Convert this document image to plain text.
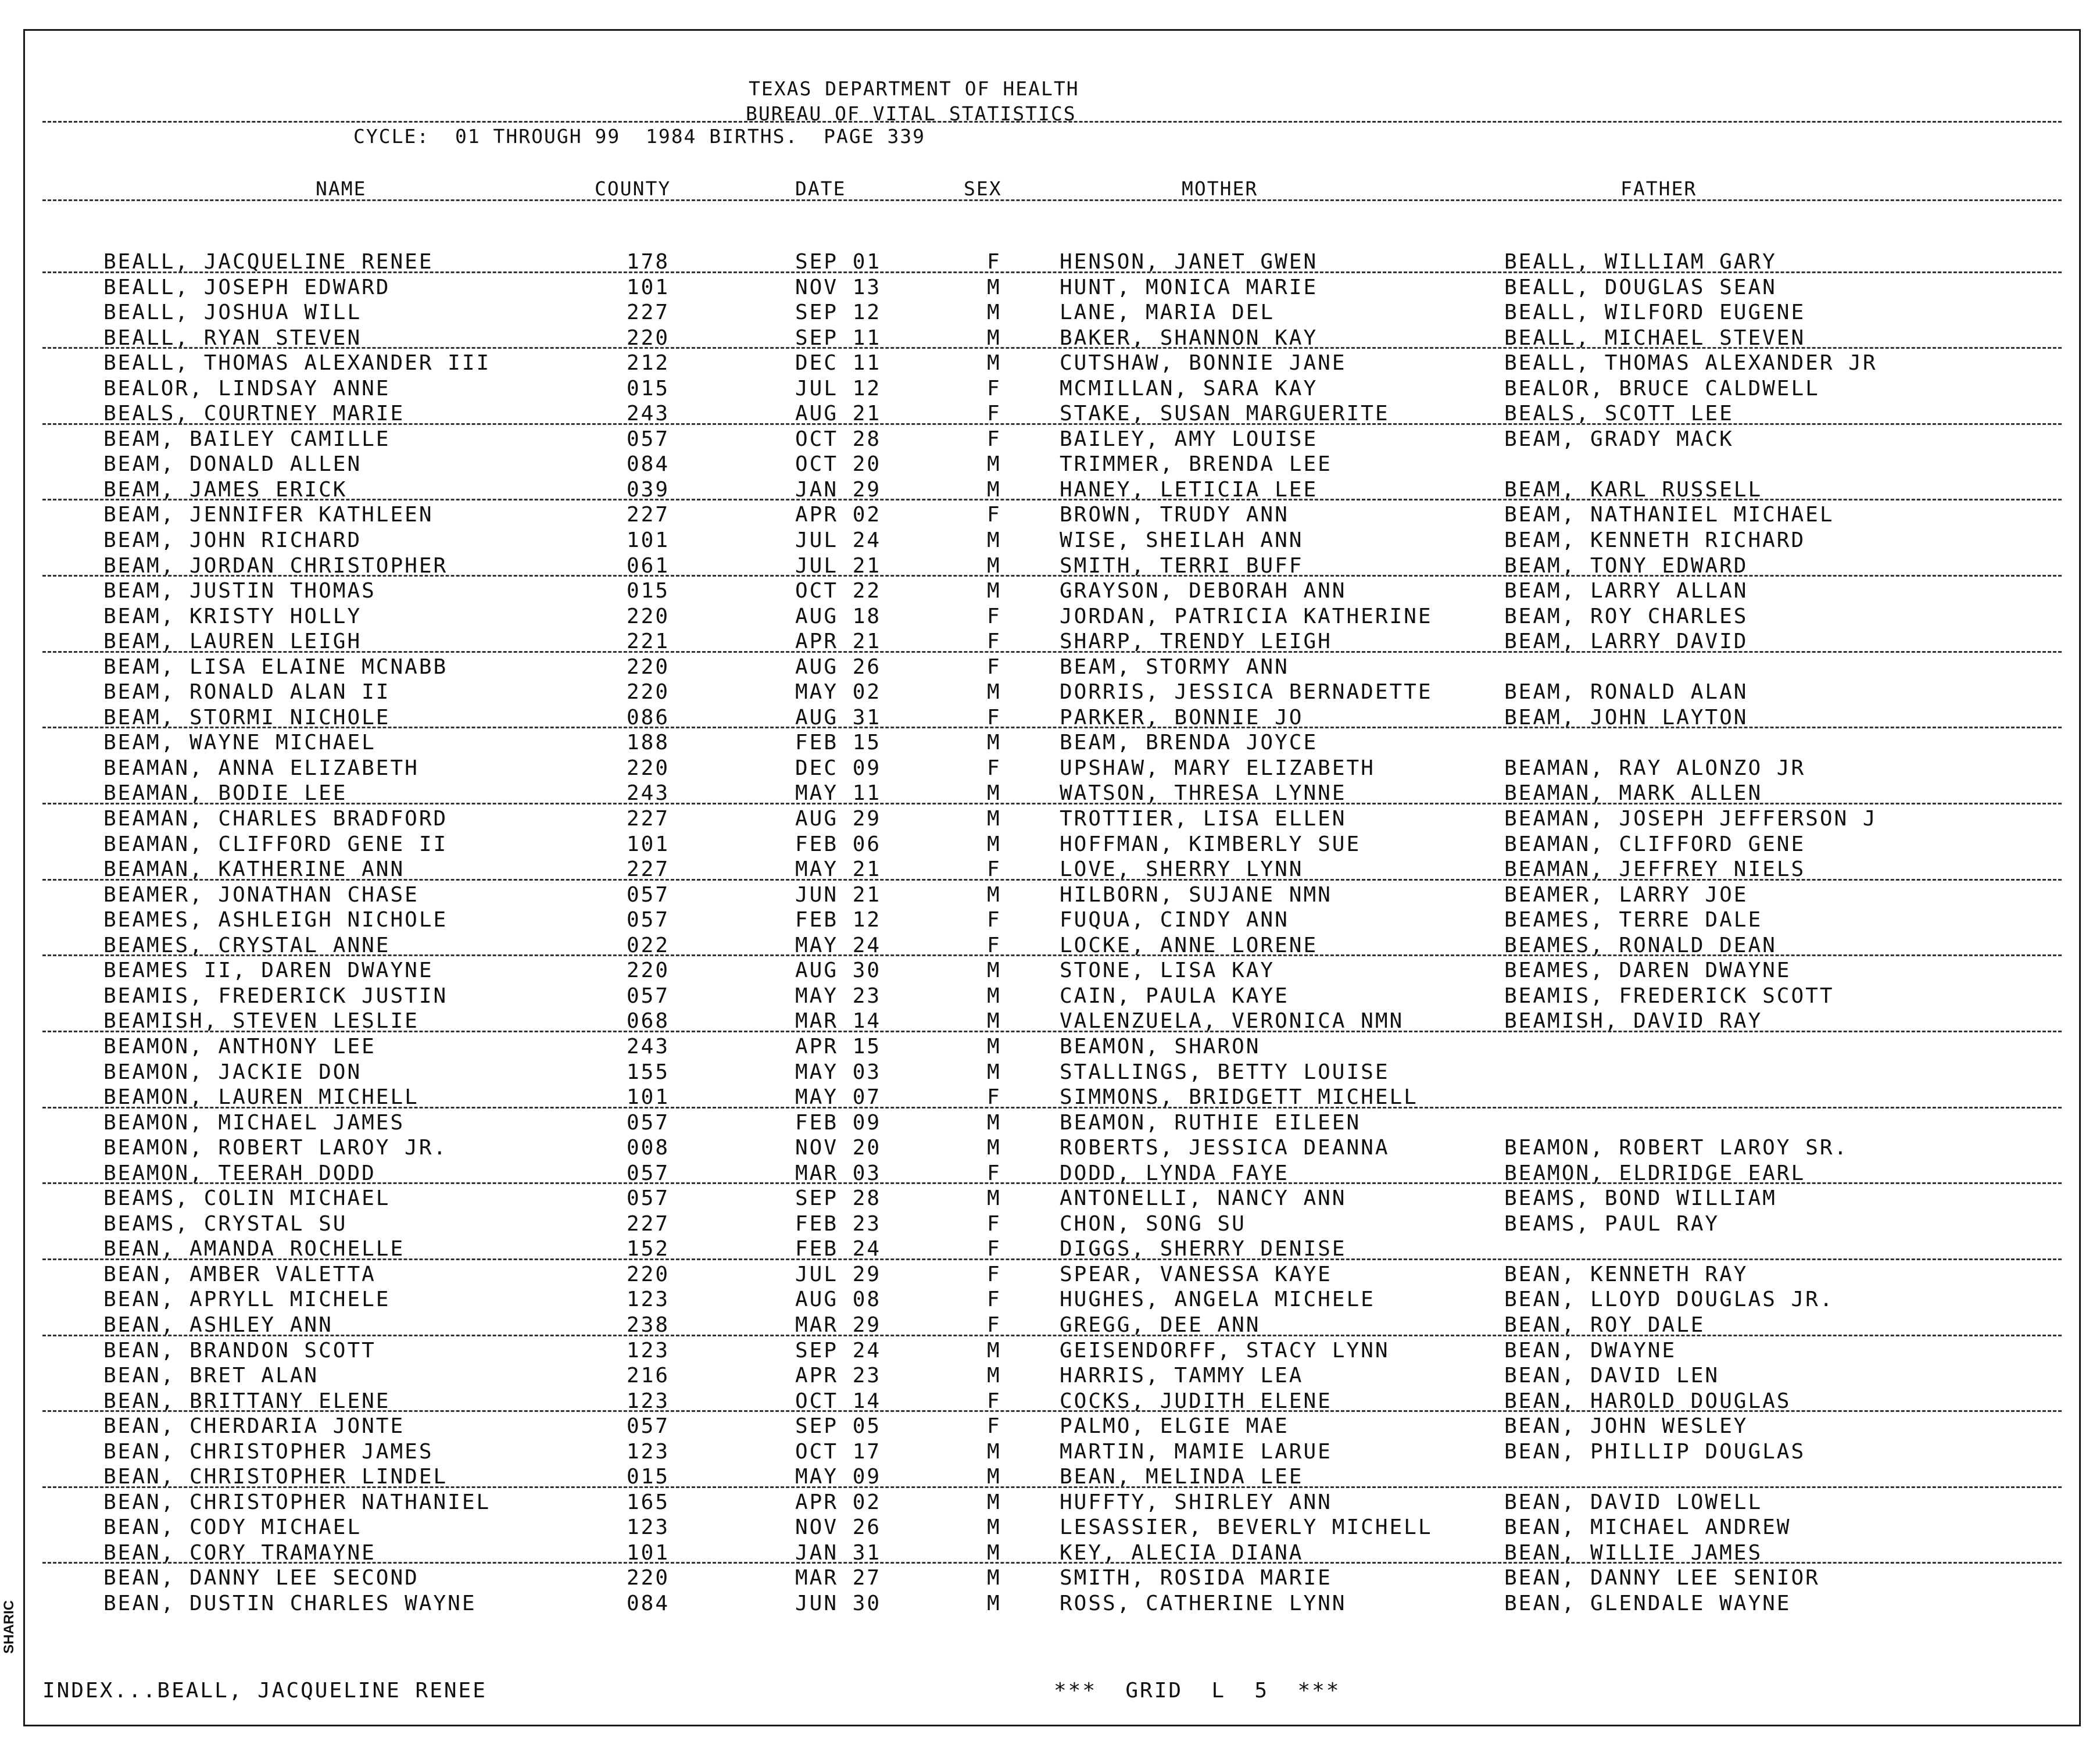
TEXAS DEPARTMENT OF HEALTH
BUREAU OF VITAL STATISTICS
CYCLE:  01 THROUGH 99  1984 BIRTHS.  PAGE 339
NAME	COUNTY	DATE	SEX	MOTHER	FATHER
BEALL, JACQUELINE RENEE	178	SEP 01	F	HENSON, JANET GWEN	BEALL, WILLIAM GARY
BEALL, JOSEPH EDWARD	101	NOV 13	M	HUNT, MONICA MARIE	BEALL, DOUGLAS SEAN
BEALL, JOSHUA WILL	227	SEP 12	M	LANE, MARIA DEL	BEALL, WILFORD EUGENE
BEALL, RYAN STEVEN	220	SEP 11	M	BAKER, SHANNON KAY	BEALL, MICHAEL STEVEN
BEALL, THOMAS ALEXANDER III	212	DEC 11	M	CUTSHAW, BONNIE JANE	BEALL, THOMAS ALEXANDER JR
BEALOR, LINDSAY ANNE	015	JUL 12	F	MCMILLAN, SARA KAY	BEALOR, BRUCE CALDWELL
BEALS, COURTNEY MARIE	243	AUG 21	F	STAKE, SUSAN MARGUERITE	BEALS, SCOTT LEE
BEAM, BAILEY CAMILLE	057	OCT 28	F	BAILEY, AMY LOUISE	BEAM, GRADY MACK
BEAM, DONALD ALLEN	084	OCT 20	M	TRIMMER, BRENDA LEE
BEAM, JAMES ERICK	039	JAN 29	M	HANEY, LETICIA LEE	BEAM, KARL RUSSELL
BEAM, JENNIFER KATHLEEN	227	APR 02	F	BROWN, TRUDY ANN	BEAM, NATHANIEL MICHAEL
BEAM, JOHN RICHARD	101	JUL 24	M	WISE, SHEILAH ANN	BEAM, KENNETH RICHARD
BEAM, JORDAN CHRISTOPHER	061	JUL 21	M	SMITH, TERRI BUFF	BEAM, TONY EDWARD
BEAM, JUSTIN THOMAS	015	OCT 22	M	GRAYSON, DEBORAH ANN	BEAM, LARRY ALLAN
BEAM, KRISTY HOLLY	220	AUG 18	F	JORDAN, PATRICIA KATHERINE	BEAM, ROY CHARLES
BEAM, LAUREN LEIGH	221	APR 21	F	SHARP, TRENDY LEIGH	BEAM, LARRY DAVID
BEAM, LISA ELAINE MCNABB	220	AUG 26	F	BEAM, STORMY ANN
BEAM, RONALD ALAN II	220	MAY 02	M	DORRIS, JESSICA BERNADETTE	BEAM, RONALD ALAN
BEAM, STORMI NICHOLE	086	AUG 31	F	PARKER, BONNIE JO	BEAM, JOHN LAYTON
BEAM, WAYNE MICHAEL	188	FEB 15	M	BEAM, BRENDA JOYCE
BEAMAN, ANNA ELIZABETH	220	DEC 09	F	UPSHAW, MARY ELIZABETH	BEAMAN, RAY ALONZO JR
BEAMAN, BODIE LEE	243	MAY 11	M	WATSON, THRESA LYNNE	BEAMAN, MARK ALLEN
BEAMAN, CHARLES BRADFORD	227	AUG 29	M	TROTTIER, LISA ELLEN	BEAMAN, JOSEPH JEFFERSON J
BEAMAN, CLIFFORD GENE II	101	FEB 06	M	HOFFMAN, KIMBERLY SUE	BEAMAN, CLIFFORD GENE
BEAMAN, KATHERINE ANN	227	MAY 21	F	LOVE, SHERRY LYNN	BEAMAN, JEFFREY NIELS
BEAMER, JONATHAN CHASE	057	JUN 21	M	HILBORN, SUJANE NMN	BEAMER, LARRY JOE
BEAMES, ASHLEIGH NICHOLE	057	FEB 12	F	FUQUA, CINDY ANN	BEAMES, TERRE DALE
BEAMES, CRYSTAL ANNE	022	MAY 24	F	LOCKE, ANNE LORENE	BEAMES, RONALD DEAN
BEAMES II, DAREN DWAYNE	220	AUG 30	M	STONE, LISA KAY	BEAMES, DAREN DWAYNE
BEAMIS, FREDERICK JUSTIN	057	MAY 23	M	CAIN, PAULA KAYE	BEAMIS, FREDERICK SCOTT
BEAMISH, STEVEN LESLIE	068	MAR 14	M	VALENZUELA, VERONICA NMN	BEAMISH, DAVID RAY
BEAMON, ANTHONY LEE	243	APR 15	M	BEAMON, SHARON
BEAMON, JACKIE DON	155	MAY 03	M	STALLINGS, BETTY LOUISE
BEAMON, LAUREN MICHELL	101	MAY 07	F	SIMMONS, BRIDGETT MICHELL
BEAMON, MICHAEL JAMES	057	FEB 09	M	BEAMON, RUTHIE EILEEN
BEAMON, ROBERT LAROY JR.	008	NOV 20	M	ROBERTS, JESSICA DEANNA	BEAMON, ROBERT LAROY SR.
BEAMON, TEERAH DODD	057	MAR 03	F	DODD, LYNDA FAYE	BEAMON, ELDRIDGE EARL
BEAMS, COLIN MICHAEL	057	SEP 28	M	ANTONELLI, NANCY ANN	BEAMS, BOND WILLIAM
BEAMS, CRYSTAL SU	227	FEB 23	F	CHON, SONG SU	BEAMS, PAUL RAY
BEAN, AMANDA ROCHELLE	152	FEB 24	F	DIGGS, SHERRY DENISE
BEAN, AMBER VALETTA	220	JUL 29	F	SPEAR, VANESSA KAYE	BEAN, KENNETH RAY
BEAN, APRYLL MICHELE	123	AUG 08	F	HUGHES, ANGELA MICHELE	BEAN, LLOYD DOUGLAS JR.
BEAN, ASHLEY ANN	238	MAR 29	F	GREGG, DEE ANN	BEAN, ROY DALE
BEAN, BRANDON SCOTT	123	SEP 24	M	GEISENDORFF, STACY LYNN	BEAN, DWAYNE
BEAN, BRET ALAN	216	APR 23	M	HARRIS, TAMMY LEA	BEAN, DAVID LEN
BEAN, BRITTANY ELENE	123	OCT 14	F	COCKS, JUDITH ELENE	BEAN, HAROLD DOUGLAS
BEAN, CHERDARIA JONTE	057	SEP 05	F	PALMO, ELGIE MAE	BEAN, JOHN WESLEY
BEAN, CHRISTOPHER JAMES	123	OCT 17	M	MARTIN, MAMIE LARUE	BEAN, PHILLIP DOUGLAS
BEAN, CHRISTOPHER LINDEL	015	MAY 09	M	BEAN, MELINDA LEE
BEAN, CHRISTOPHER NATHANIEL	165	APR 02	M	HUFFTY, SHIRLEY ANN	BEAN, DAVID LOWELL
BEAN, CODY MICHAEL	123	NOV 26	M	LESASSIER, BEVERLY MICHELL	BEAN, MICHAEL ANDREW
BEAN, CORY TRAMAYNE	101	JAN 31	M	KEY, ALECIA DIANA	BEAN, WILLIE JAMES
BEAN, DANNY LEE SECOND	220	MAR 27	M	SMITH, ROSIDA MARIE	BEAN, DANNY LEE SENIOR
BEAN, DUSTIN CHARLES WAYNE	084	JUN 30	M	ROSS, CATHERINE LYNN	BEAN, GLENDALE WAYNE
INDEX...BEALL, JACQUELINE RENEE	***  GRID  L  5  ***
SHARIC
